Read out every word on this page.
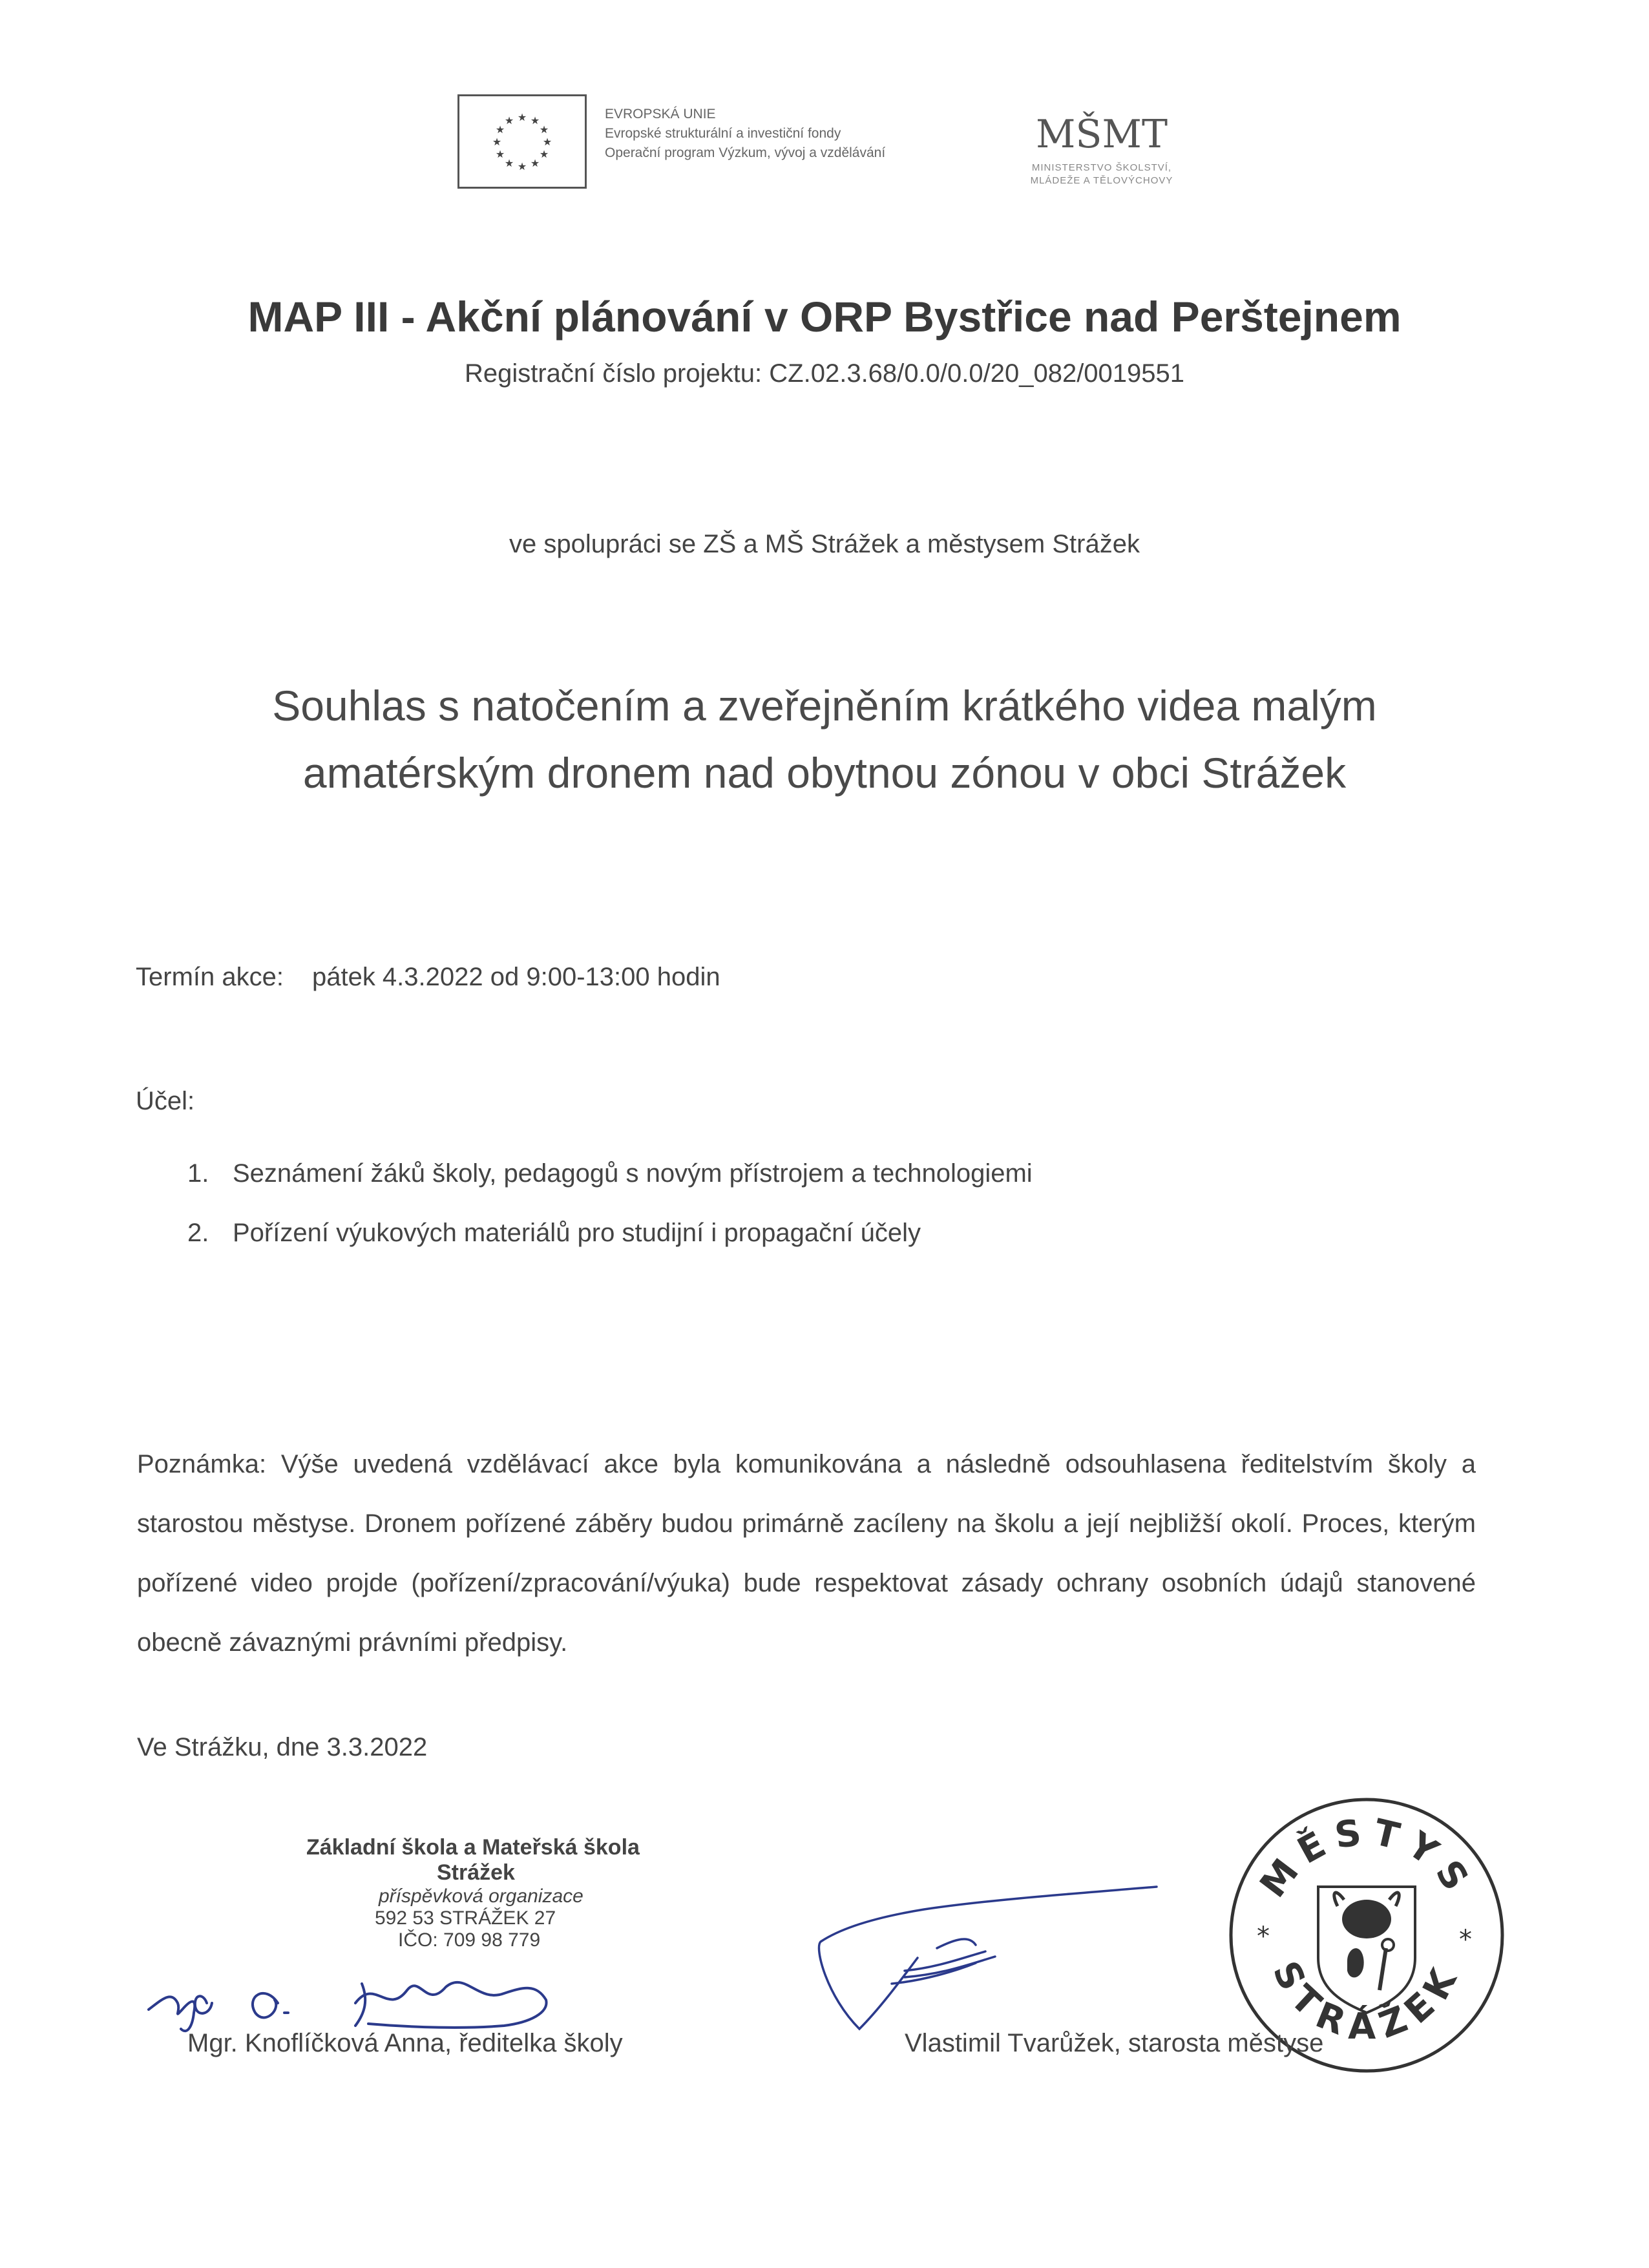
★ ★
★
★
★
★
★
★
★
★
★
★	EVROPSKÁ UNIE
Evropské strukturální a investiční fondy
Operační program Výzkum, vývoj a vzdělávání	MŠMT
MINISTERSTVO ŠKOLSTVÍ,
MLÁDEŽE A TĚLOVÝCHOVY
MAP III - Akční plánování v ORP Bystřice nad Perštejnem
Registrační číslo projektu: CZ.02.3.68/0.0/0.0/20_082/0019551
ve spolupráci se ZŠ a MŠ Strážek a městysem Strážek
Souhlas s natočením a zveřejněním krátkého videa malým
amatérským dronem nad obytnou zónou v obci Strážek
Termín akce: pátek 4.3.2022 od 9:00-13:00 hodin
Účel:
1. Seznámení žáků školy, pedagogů s novým přístrojem a technologiemi
2. Pořízení výukových materiálů pro studijní i propagační účely
Poznámka: Výše uvedená vzdělávací akce byla komunikována a následně odsouhlasena ředitelstvím školy a starostou městyse. Dronem pořízené záběry budou primárně zacíleny na školu a její nejbližší okolí. Proces, kterým pořízené video projde (pořízení/zpracování/výuka) bude respektovat zásady ochrany osobních údajů stanovené obecně závaznými právními předpisy.
Ve Strážku, dne 3.3.2022
Základní škola a Mateřská škola
Strážek
příspěvková organizace
592 53 STRÁŽEK 27
IČO: 709 98 779
MĚSTYS
STRÁŽEK
*	*
Mgr. Knoflíčková Anna, ředitelka školy	Vlastimil Tvarůžek, starosta městyse
